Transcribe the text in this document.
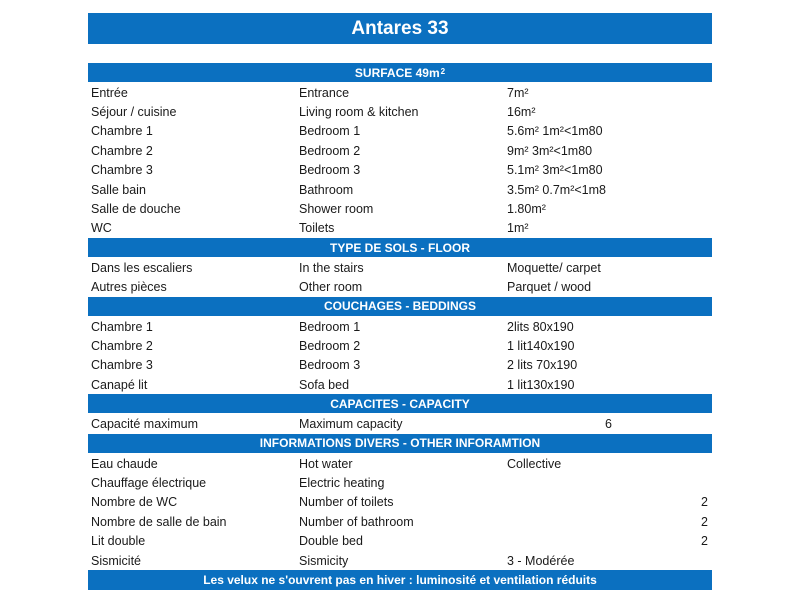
Antares 33
SURFACE $49m^2$
Entrée	Entrance	7m²
Séjour / cuisine	Living room & kitchen	16m²
Chambre 1	Bedroom 1	5.6m² 1m²<1m80
Chambre 2	Bedroom 2	9m² 3m²<1m80
Chambre 3	Bedroom 3	5.1m² 3m²<1m80
Salle bain	Bathroom	3.5m² 0.7m²<1m8
Salle de douche	Shower room	1.80m²
WC	Toilets	1m²
TYPE DE SOLS - FLOOR
Dans les escaliers	In the stairs	Moquette/ carpet
Autres pièces	Other room	Parquet / wood
COUCHAGES - BEDDINGS
Chambre 1	Bedroom 1	2lits 80x190
Chambre 2	Bedroom 2	1 lit140x190
Chambre 3	Bedroom 3	2 lits 70x190
Canapé lit	Sofa bed	1 lit130x190
CAPACITES - CAPACITY
Capacité maximum	Maximum capacity	6
INFORMATIONS DIVERS - OTHER INFORAMTION
Eau chaude	Hot water	Collective
Chauffage électrique	Electric heating
Nombre de WC	Number of toilets	2
Nombre de salle de bain	Number of bathroom	2
Lit double	Double bed	2
Sismicité	Sismicity	3 - Modérée
Les velux ne s'ouvrent pas en hiver : luminosité et ventilation réduits
